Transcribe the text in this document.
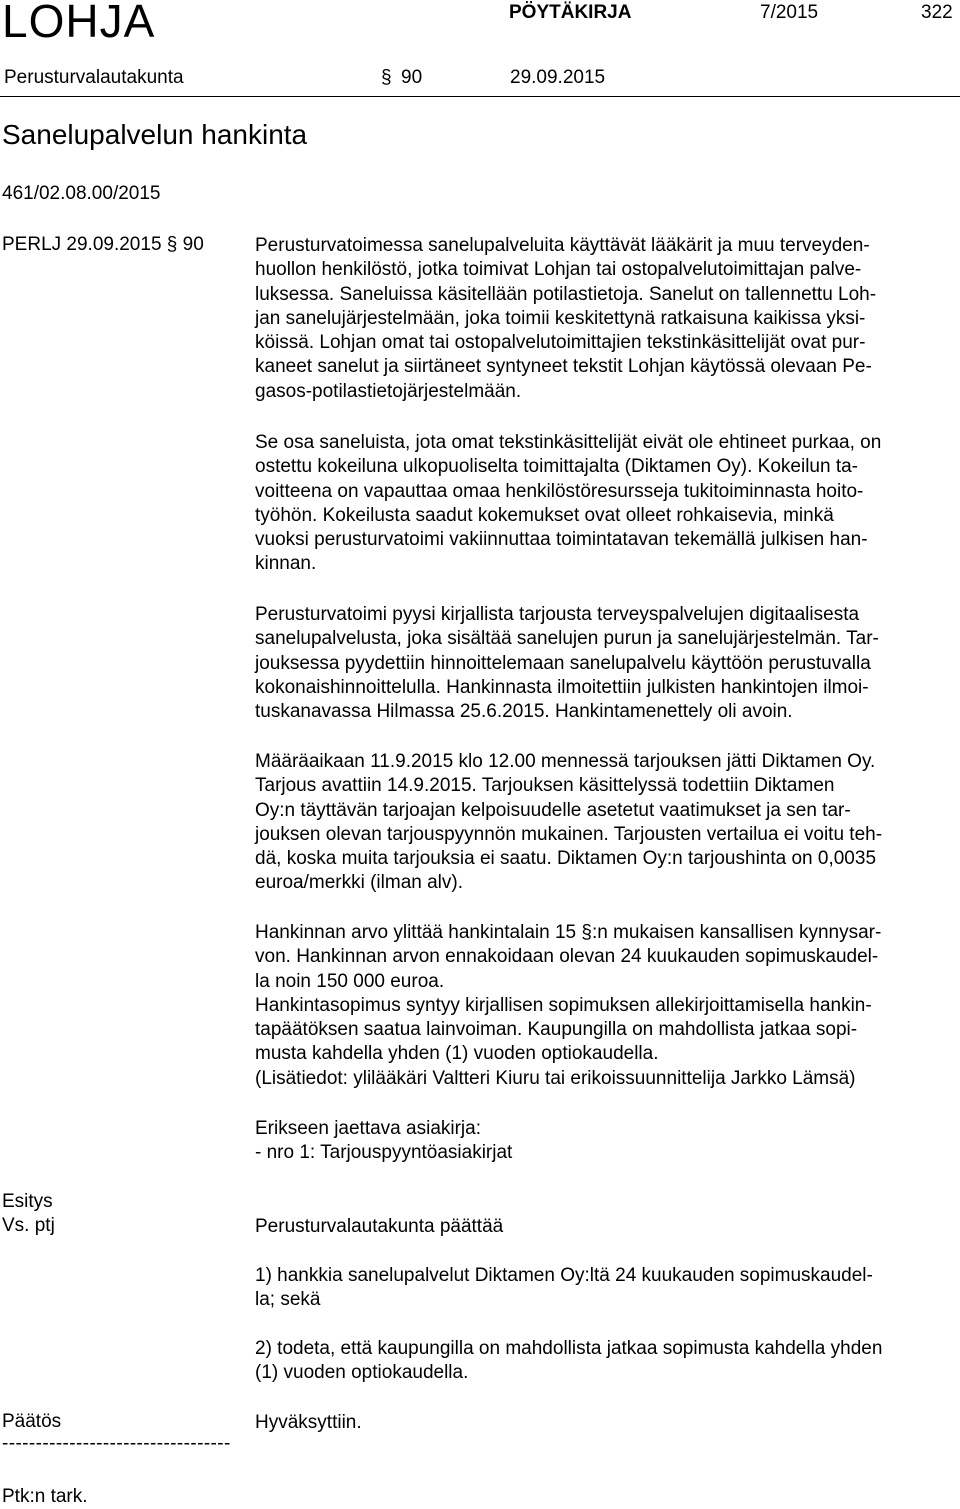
LOHJA	PÖYTÄKIRJA	7/2015	322
Perusturvalautakunta	§ 90	29.09.2015
Sanelupalvelun hankinta
461/02.08.00/2015
PERLJ 29.09.2015 § 90	Perusturvatoimessa sanelupalveluita käyttävät lääkärit ja muu terveyden-

huollon henkilöstö, jotka toimivat Lohjan tai ostopalvelutoimittajan palve-

luksessa. Saneluissa käsitellään potilastietoja. Sanelut on tallennettu Loh-

jan sanelujärjestelmään, joka toimii keskitettynä ratkaisuna kaikissa yksi-

köissä. Lohjan omat tai ostopalvelutoimittajien tekstinkäsittelijät ovat pur-

kaneet sanelut ja siirtäneet syntyneet tekstit Lohjan käytössä olevaan Pe-

gasos-potilastietojärjestelmään.

Se osa saneluista, jota omat tekstinkäsittelijät eivät ole ehtineet purkaa, on

ostettu kokeiluna ulkopuoliselta toimittajalta (Diktamen Oy). Kokeilun ta-

voitteena on vapauttaa omaa henkilöstöresursseja tukitoiminnasta hoito-

työhön. Kokeilusta saadut kokemukset ovat olleet rohkaisevia, minkä

vuoksi perusturvatoimi vakiinnuttaa toimintatavan tekemällä julkisen han-

kinnan.

Perusturvatoimi pyysi kirjallista tarjousta terveyspalvelujen digitaalisesta

sanelupalvelusta, joka sisältää sanelujen purun ja sanelujärjestelmän. Tar-

jouksessa pyydettiin hinnoittelemaan sanelupalvelu käyttöön perustuvalla

kokonaishinnoittelulla. Hankinnasta ilmoitettiin julkisten hankintojen ilmoi-

tuskanavassa Hilmassa 25.6.2015. Hankintamenettely oli avoin.

Määräaikaan 11.9.2015 klo 12.00 mennessä tarjouksen jätti Diktamen Oy.

Tarjous avattiin 14.9.2015. Tarjouksen käsittelyssä todettiin Diktamen

Oy:n täyttävän tarjoajan kelpoisuudelle asetetut vaatimukset ja sen tar-

jouksen olevan tarjouspyynnön mukainen. Tarjousten vertailua ei voitu teh-

dä, koska muita tarjouksia ei saatu. Diktamen Oy:n tarjoushinta on 0,0035

euroa/merkki (ilman alv).

Hankinnan arvo ylittää hankintalain 15 §:n mukaisen kansallisen kynnysar-

von. Hankinnan arvon ennakoidaan olevan 24 kuukauden sopimuskaudel-

la noin 150 000 euroa.

Hankintasopimus syntyy kirjallisen sopimuksen allekirjoittamisella hankin-

tapäätöksen saatua lainvoiman. Kaupungilla on mahdollista jatkaa sopi-

musta kahdella yhden (1) vuoden optiokaudella.

(Lisätiedot: ylilääkäri Valtteri Kiuru tai erikoissuunnittelija Jarkko Lämsä)

Erikseen jaettava asiakirja:

- nro 1: Tarjouspyyntöasiakirjat

Esitys
Vs. ptj	Perusturvalautakunta päättää

1) hankkia sanelupalvelut Diktamen Oy:ltä 24 kuukauden sopimuskaudel-

la; sekä

2) todeta, että kaupungilla on mahdollista jatkaa sopimusta kahdella yhden

(1) vuoden optiokaudella.

Päätös	Hyväksyttiin.

----------------------------------
Ptk:n tark.
